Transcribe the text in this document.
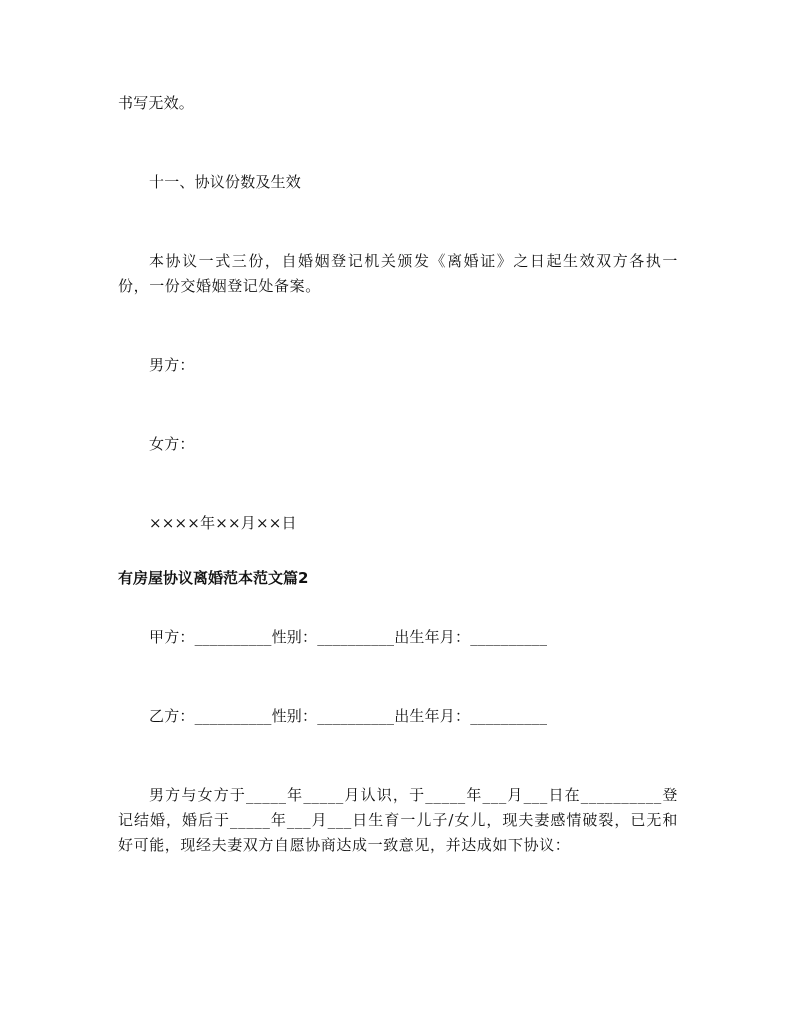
书写无效。
十一、协议份数及生效
本协议一式三份，自婚姻登记机关颁发《离婚证》之日起生效双方各执一份，一份交婚姻登记处备案。
男方：
女方：
××××年××月××日
有房屋协议离婚范本范文篇2
甲方：__________性别：__________出生年月：__________
乙方：__________性别：__________出生年月：__________
男方与女方于_____年_____月认识，于_____年___月___日在__________登记结婚，婚后于_____年___月___日生育一儿子/女儿，现夫妻感情破裂，已无和好可能，现经夫妻双方自愿协商达成一致意见，并达成如下协议：
